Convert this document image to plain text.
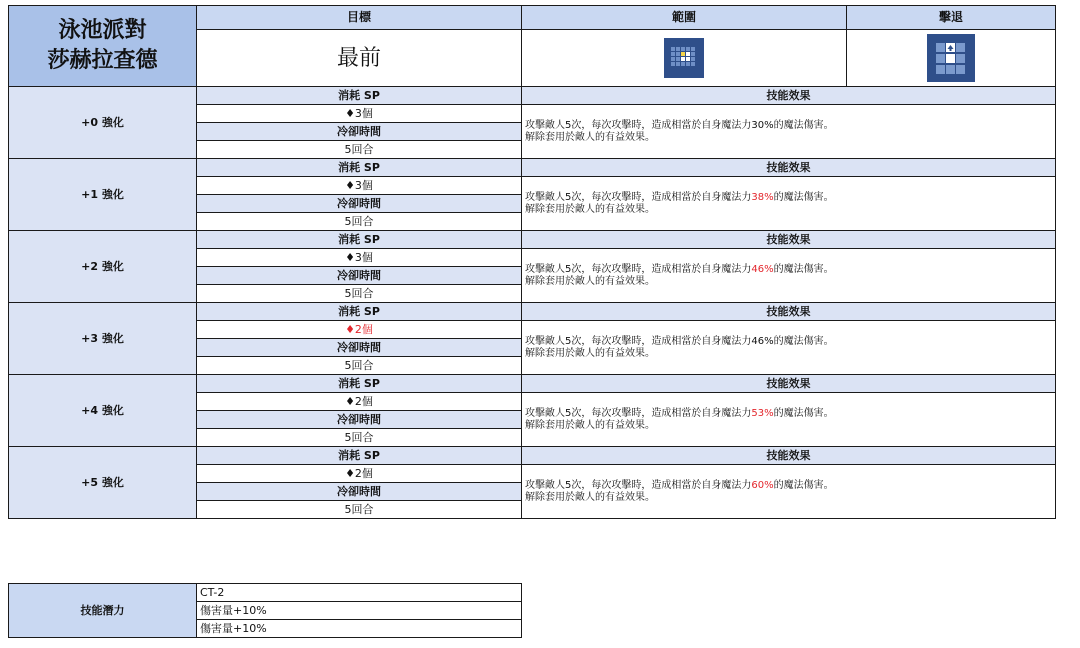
泳池派對
莎赫拉查德	目標	範圍	擊退
	最前	

+0 強化	消耗 SP	技能效果	
	♦3個	攻擊敵人5次，每次攻擊時，造成相當於自身魔法力30%的魔法傷害。
解除套用於敵人的有益效果。	

	冷卻時間		
	5回合		
+1 強化	消耗 SP	技能效果	
	♦3個	攻擊敵人5次，每次攻擊時，造成相當於自身魔法力38%的魔法傷害。
解除套用於敵人的有益效果。	

	冷卻時間		
	5回合		
+2 強化	消耗 SP	技能效果	
	♦3個	攻擊敵人5次，每次攻擊時，造成相當於自身魔法力46%的魔法傷害。
解除套用於敵人的有益效果。	

	冷卻時間		
	5回合		
+3 強化	消耗 SP	技能效果	
	♦2個	攻擊敵人5次，每次攻擊時，造成相當於自身魔法力46%的魔法傷害。
解除套用於敵人的有益效果。	

	冷卻時間		
	5回合		
+4 強化	消耗 SP	技能效果	
	♦2個	攻擊敵人5次，每次攻擊時，造成相當於自身魔法力53%的魔法傷害。
解除套用於敵人的有益效果。	

	冷卻時間		
	5回合		
+5 強化	消耗 SP	技能效果	
	♦2個	攻擊敵人5次，每次攻擊時，造成相當於自身魔法力60%的魔法傷害。
解除套用於敵人的有益效果。	

	冷卻時間		
	5回合		
技能潛力	CT-2
傷害量+10%
傷害量+10%
